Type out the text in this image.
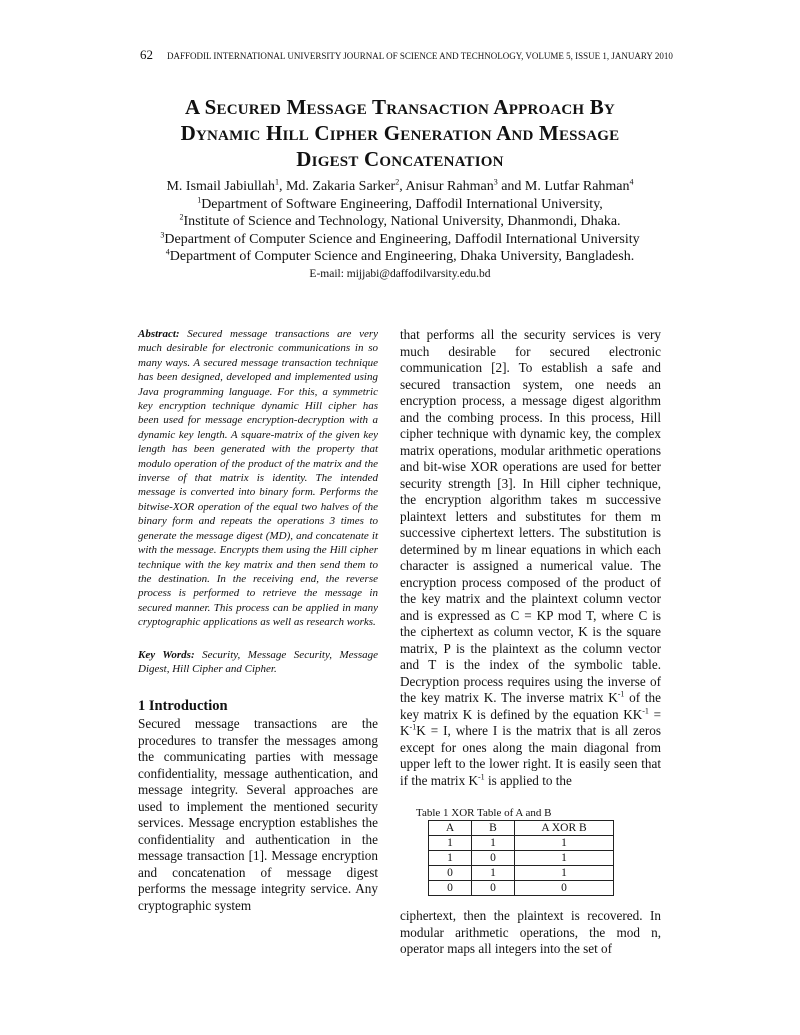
62 DAFFODIL INTERNATIONAL UNIVERSITY JOURNAL OF SCIENCE AND TECHNOLOGY, VOLUME 5, ISSUE 1, JANUARY 2010
A Secured Message Transaction Approach By
Dynamic Hill Cipher Generation And Message
Digest Concatenation
M. Ismail Jabiullah$^1$, Md. Zakaria Sarker$^2$, Anisur Rahman$^3$ and M. Lutfar Rahman$^4$
$^1$Department of Software Engineering, Daffodil International University,
$^2$Institute of Science and Technology, National University, Dhanmondi, Dhaka.
$^3$Department of Computer Science and Engineering, Daffodil International University
$^4$Department of Computer Science and Engineering, Dhaka University, Bangladesh.
E-mail: mijjabi@daffodilvarsity.edu.bd

Abstract: Secured message transactions are very much desirable for electronic communications in so many ways. A secured message transaction technique has been designed, developed and implemented using Java programming language. For this, a symmetric key encryption technique dynamic Hill cipher has been used for message encryption-decryption with a dynamic key length. A square-matrix of the given key length has been generated with the property that modulo operation of the product of the matrix and the inverse of that matrix is identity. The intended message is converted into binary form. Performs the bitwise-XOR operation of the equal two halves of the binary form and repeats the operations 3 times to generate the message digest (MD), and concatenate it with the message. Encrypts them using the Hill cipher technique with the key matrix and then send them to the destination. In the receiving end, the reverse process is performed to retrieve the message in secured manner. This process can be applied in many cryptographic applications as well as research works.

Key Words: Security, Message Security, Message Digest, Hill Cipher and Cipher.

1 Introduction

Secured message transactions are the procedures to transfer the messages among the communicating parties with message confidentiality, message authentication, and message integrity. Several approaches are used to implement the mentioned security services. Message encryption establishes the confidentiality and authentication in the message transaction [1]. Message encryption and concatenation of message digest performs the message integrity service. Any cryptographic system

that performs all the security services is very much desirable for secured electronic communication [2]. To establish a safe and secured transaction system, one needs an encryption process, a message digest algorithm and the combing process. In this process, Hill cipher technique with dynamic key, the complex matrix operations, modular arithmetic operations and bit-wise XOR operations are used for better security strength [3]. In Hill cipher technique, the encryption algorithm takes m successive plaintext letters and substitutes for them m successive ciphertext letters. The substitution is determined by m linear equations in which each character is assigned a numerical value. The encryption process composed of the product of the key matrix and the plaintext column vector and is expressed as C = KP mod T, where C is the ciphertext as column vector, K is the square matrix, P is the plaintext as the column vector and T is the index of the symbolic table. Decryption process requires using the inverse of the key matrix K. The inverse matrix $K^{-1}$ of the key matrix K is defined by the equation $KK^{-1} = K^{-1}K = I$, where I is the matrix that is all zeros except for ones along the main diagonal from upper left to the lower right. It is easily seen that if the matrix $K^{-1}$ is applied to the

Table 1 XOR Table of A and B
A	B	A XOR B
1	1	1
1	0	1
0	1	1
0	0	0

ciphertext, then the plaintext is recovered. In modular arithmetic operations, the mod n, operator maps all integers into the set of
